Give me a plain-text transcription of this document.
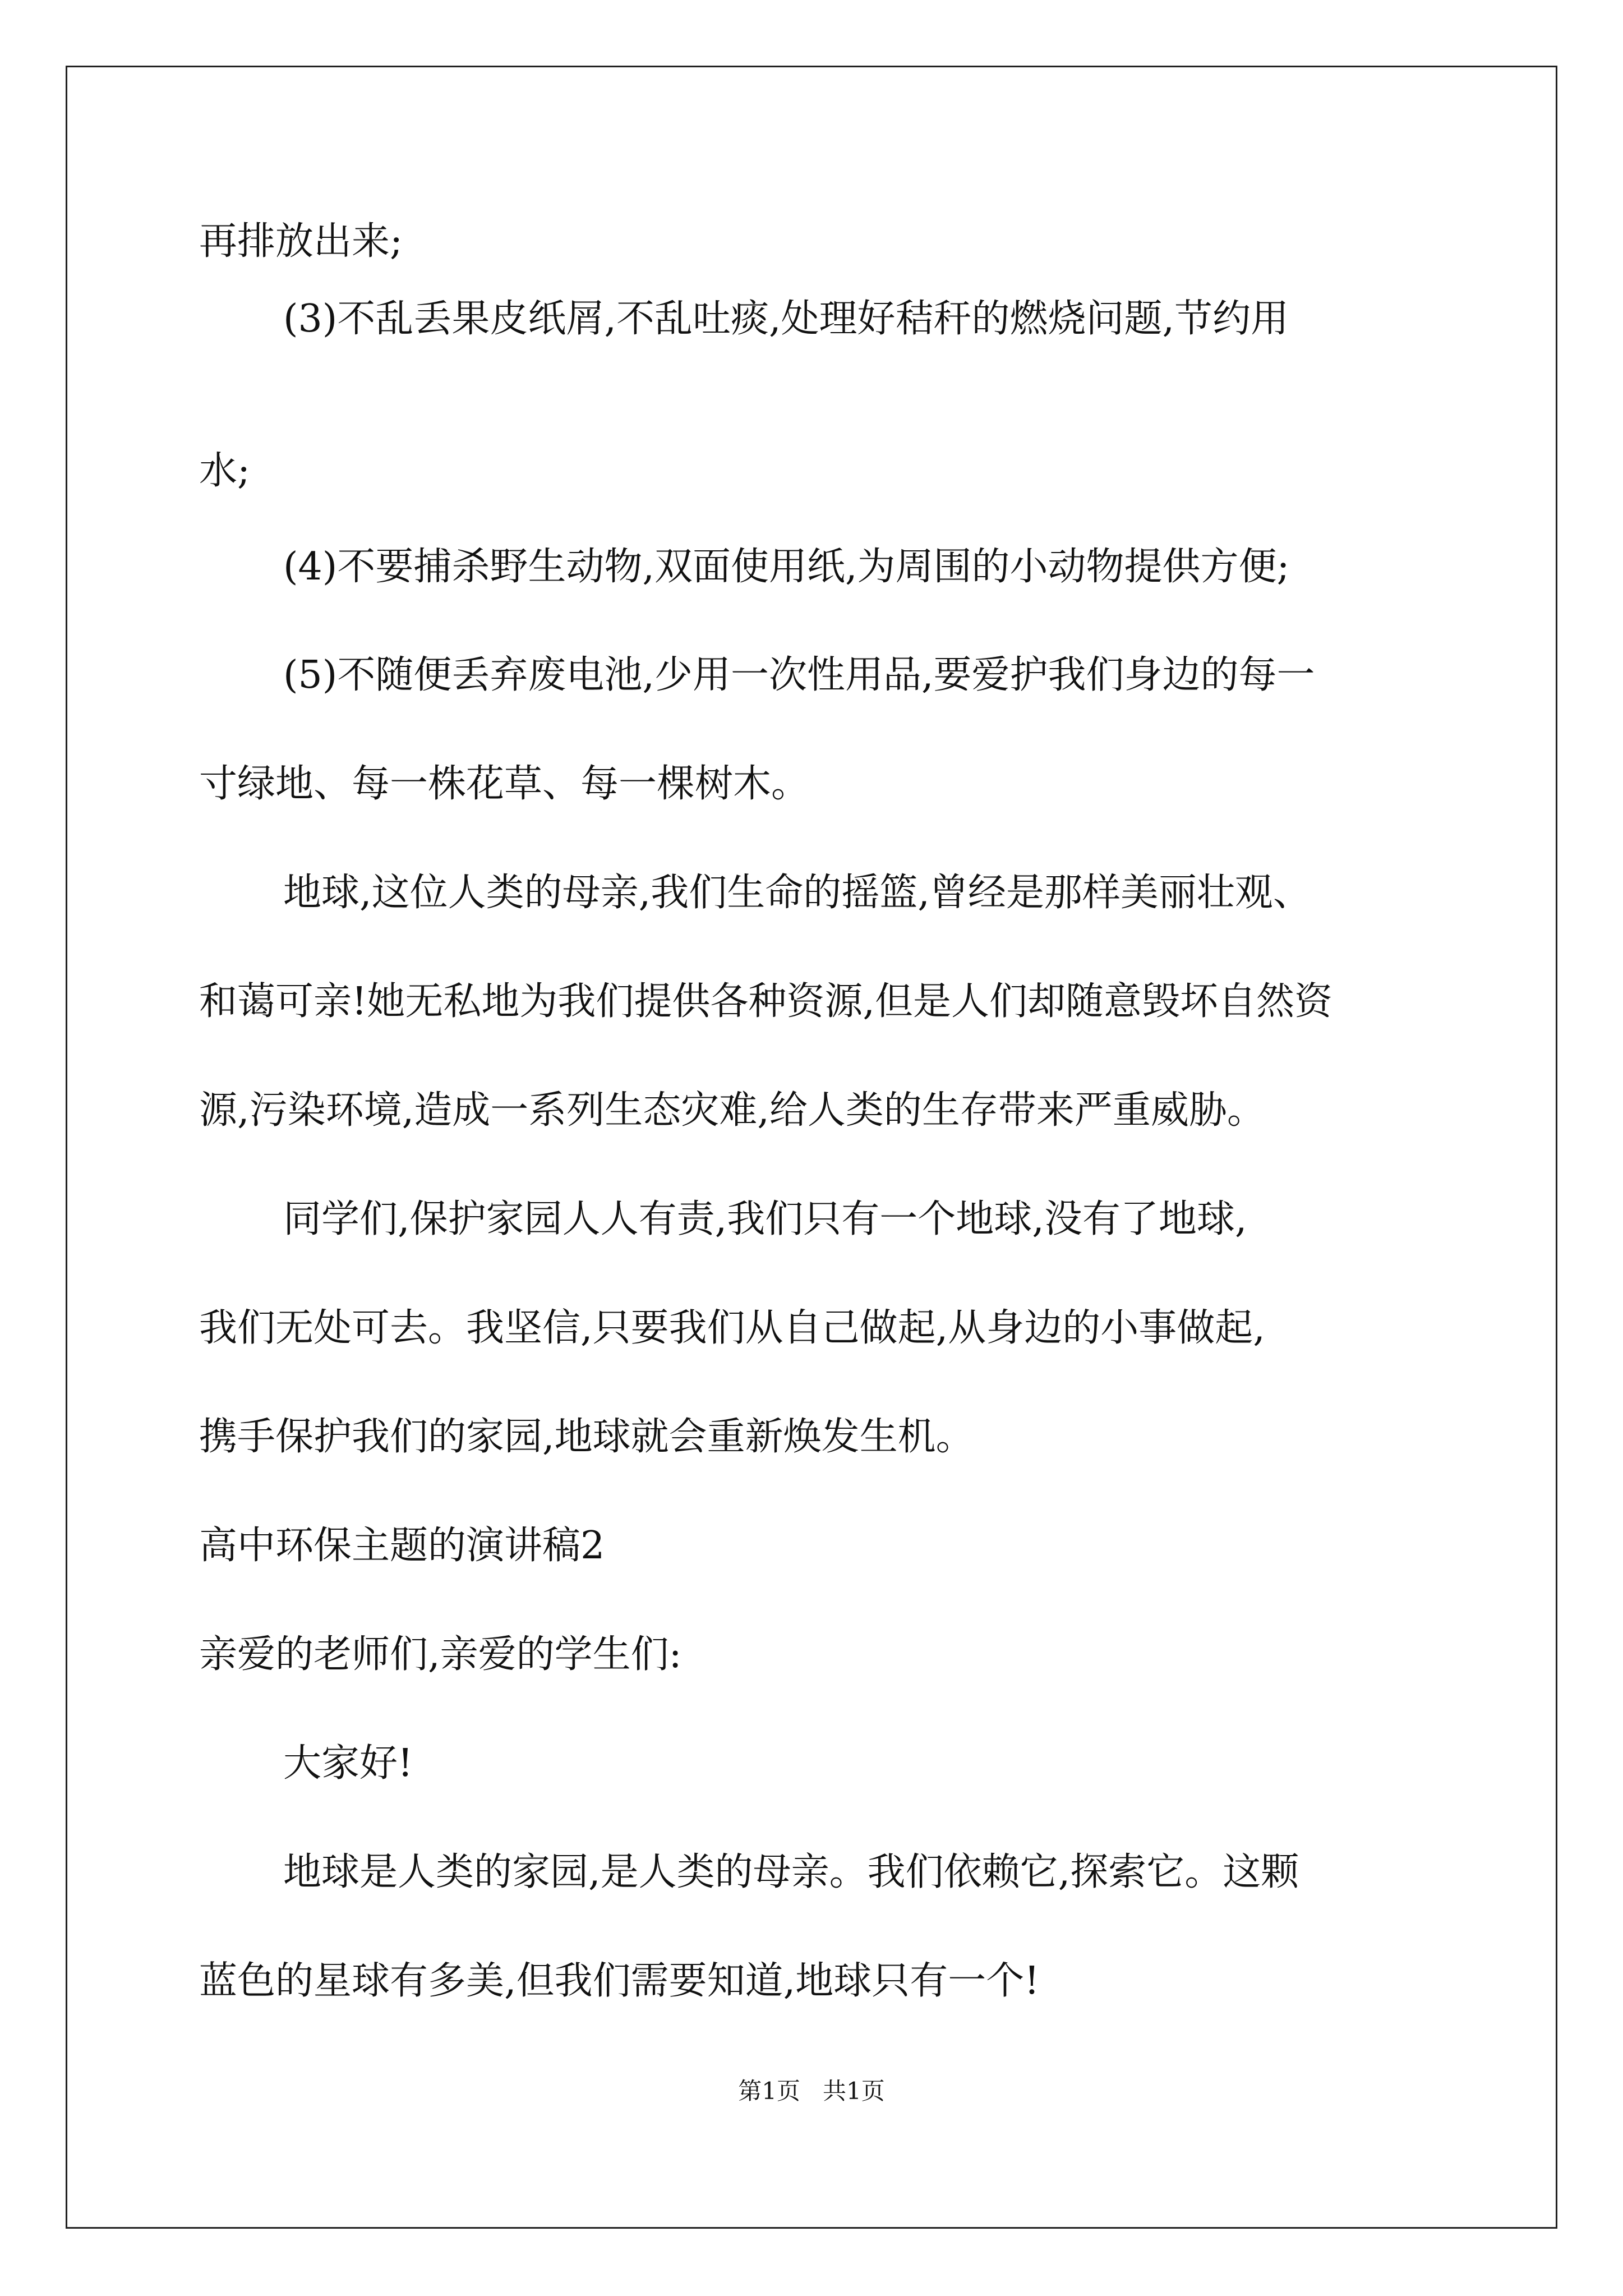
再排放出来;

(3)不乱丢果皮纸屑,不乱吐痰,处理好秸秆的燃烧问题,节约用

水;

(4)不要捕杀野生动物,双面使用纸,为周围的小动物提供方便;

(5)不随便丢弃废电池,少用一次性用品,要爱护我们身边的每一

寸绿地、每一株花草、每一棵树木。

地球,这位人类的母亲,我们生命的摇篮,曾经是那样美丽壮观、

和蔼可亲!她无私地为我们提供各种资源,但是人们却随意毁坏自然资

源,污染环境,造成一系列生态灾难,给人类的生存带来严重威胁。

同学们,保护家园人人有责,我们只有一个地球,没有了地球,

我们无处可去。我坚信,只要我们从自己做起,从身边的小事做起,

携手保护我们的家园,地球就会重新焕发生机。

高中环保主题的演讲稿2

亲爱的老师们,亲爱的学生们:

大家好!

地球是人类的家园,是人类的母亲。我们依赖它,探索它。这颗

蓝色的星球有多美,但我们需要知道,地球只有一个!

第1页   共1页
